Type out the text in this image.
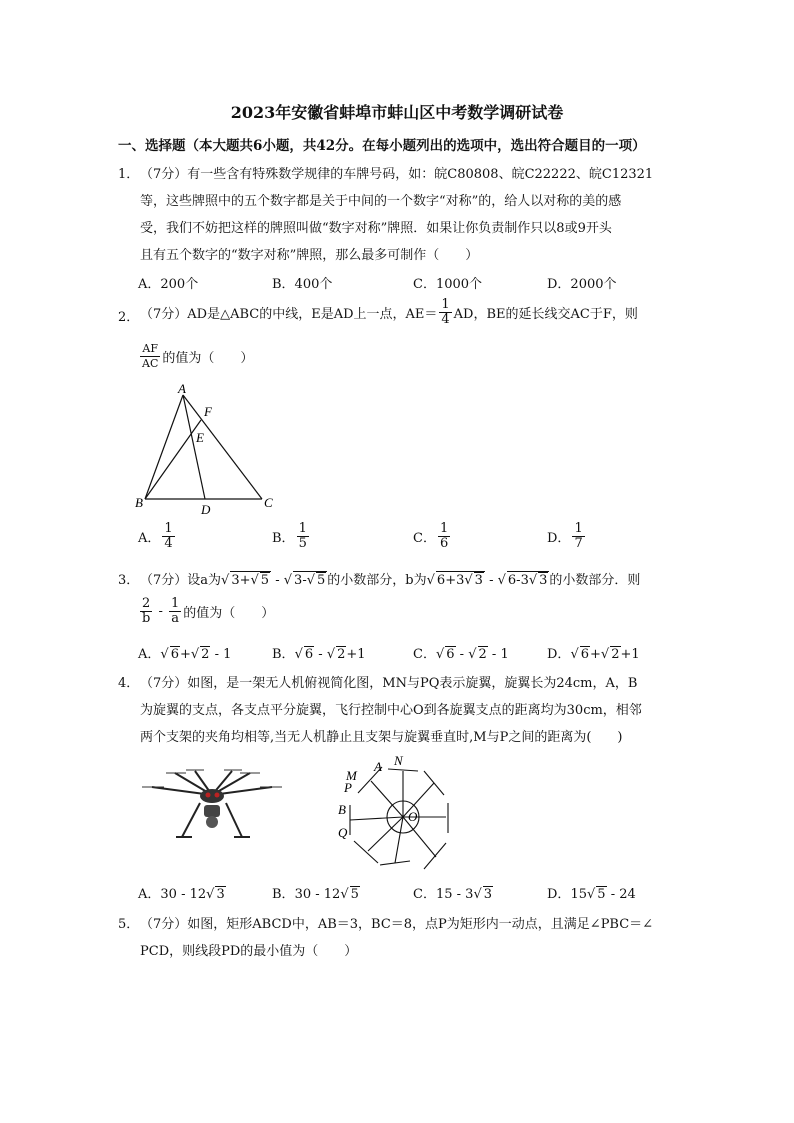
2023年安徽省蚌埠市蚌山区中考数学调研试卷
一、选择题（本大题共6小题，共42分。在每小题列出的选项中，选出符合题目的一项）
1． （7分）有一些含有特殊数学规律的车牌号码，如：皖C80808、皖C22222、皖C12321
等，这些牌照中的五个数字都是关于中间的一个数字“对称”的，给人以对称的美的感
受，我们不妨把这样的牌照叫做“数字对称”牌照．如果让你负责制作只以8或9开头
且有五个数字的“数字对称”牌照，那么最多可制作（　　）
A．200个	B．400个	C．1000个	D．2000个
2． （7分）AD是△ABC的中线，E是AD上一点，$AE= \frac{1}{4}$ AD，BE的延长线交AC于F，则
$\frac{AF}{AC}$ 的值为（　　）
A
F
E
B	D	C
A． $\frac{1}{4}$	B． $\frac{1}{5}$	C． $\frac{1}{6}$	D． $\frac{1}{7}$
3． （7分）设a为√ 3+√ 5 - √ 3-√ 5 的小数部分，b为√ 6+3√ 3 - √ 6-3√ 3 的小数部分．则
$\frac{2}{b} - \frac{1}{a}$ 的值为（　　）
A．√ 6+√ 2 - 1	B．√ 6 - √ 2+1	C．√ 6 - √ 2 - 1	D．√ 6+√ 2+1
4． （7分）如图，是一架无人机俯视简化图，MN与PQ表示旋翼，旋翼长为24cm，A，B
为旋翼的支点，各支点平分旋翼，飞行控制中心O到各旋翼支点的距离均为30cm，相邻
两个支架的夹角均相等,当无人机静止且支架与旋翼垂直时,M与P之间的距离为(　　)
N
A
M
P
B
Q
O
A．30 - 12√ 3	B．30 - 12√ 5	C．15 - 3√ 3	D．15√ 5 - 24
5． （7分）如图，矩形ABCD中，AB＝3，BC＝8，点P为矩形内一动点，且满足∠PBC＝∠
PCD，则线段PD的最小值为（　　）
